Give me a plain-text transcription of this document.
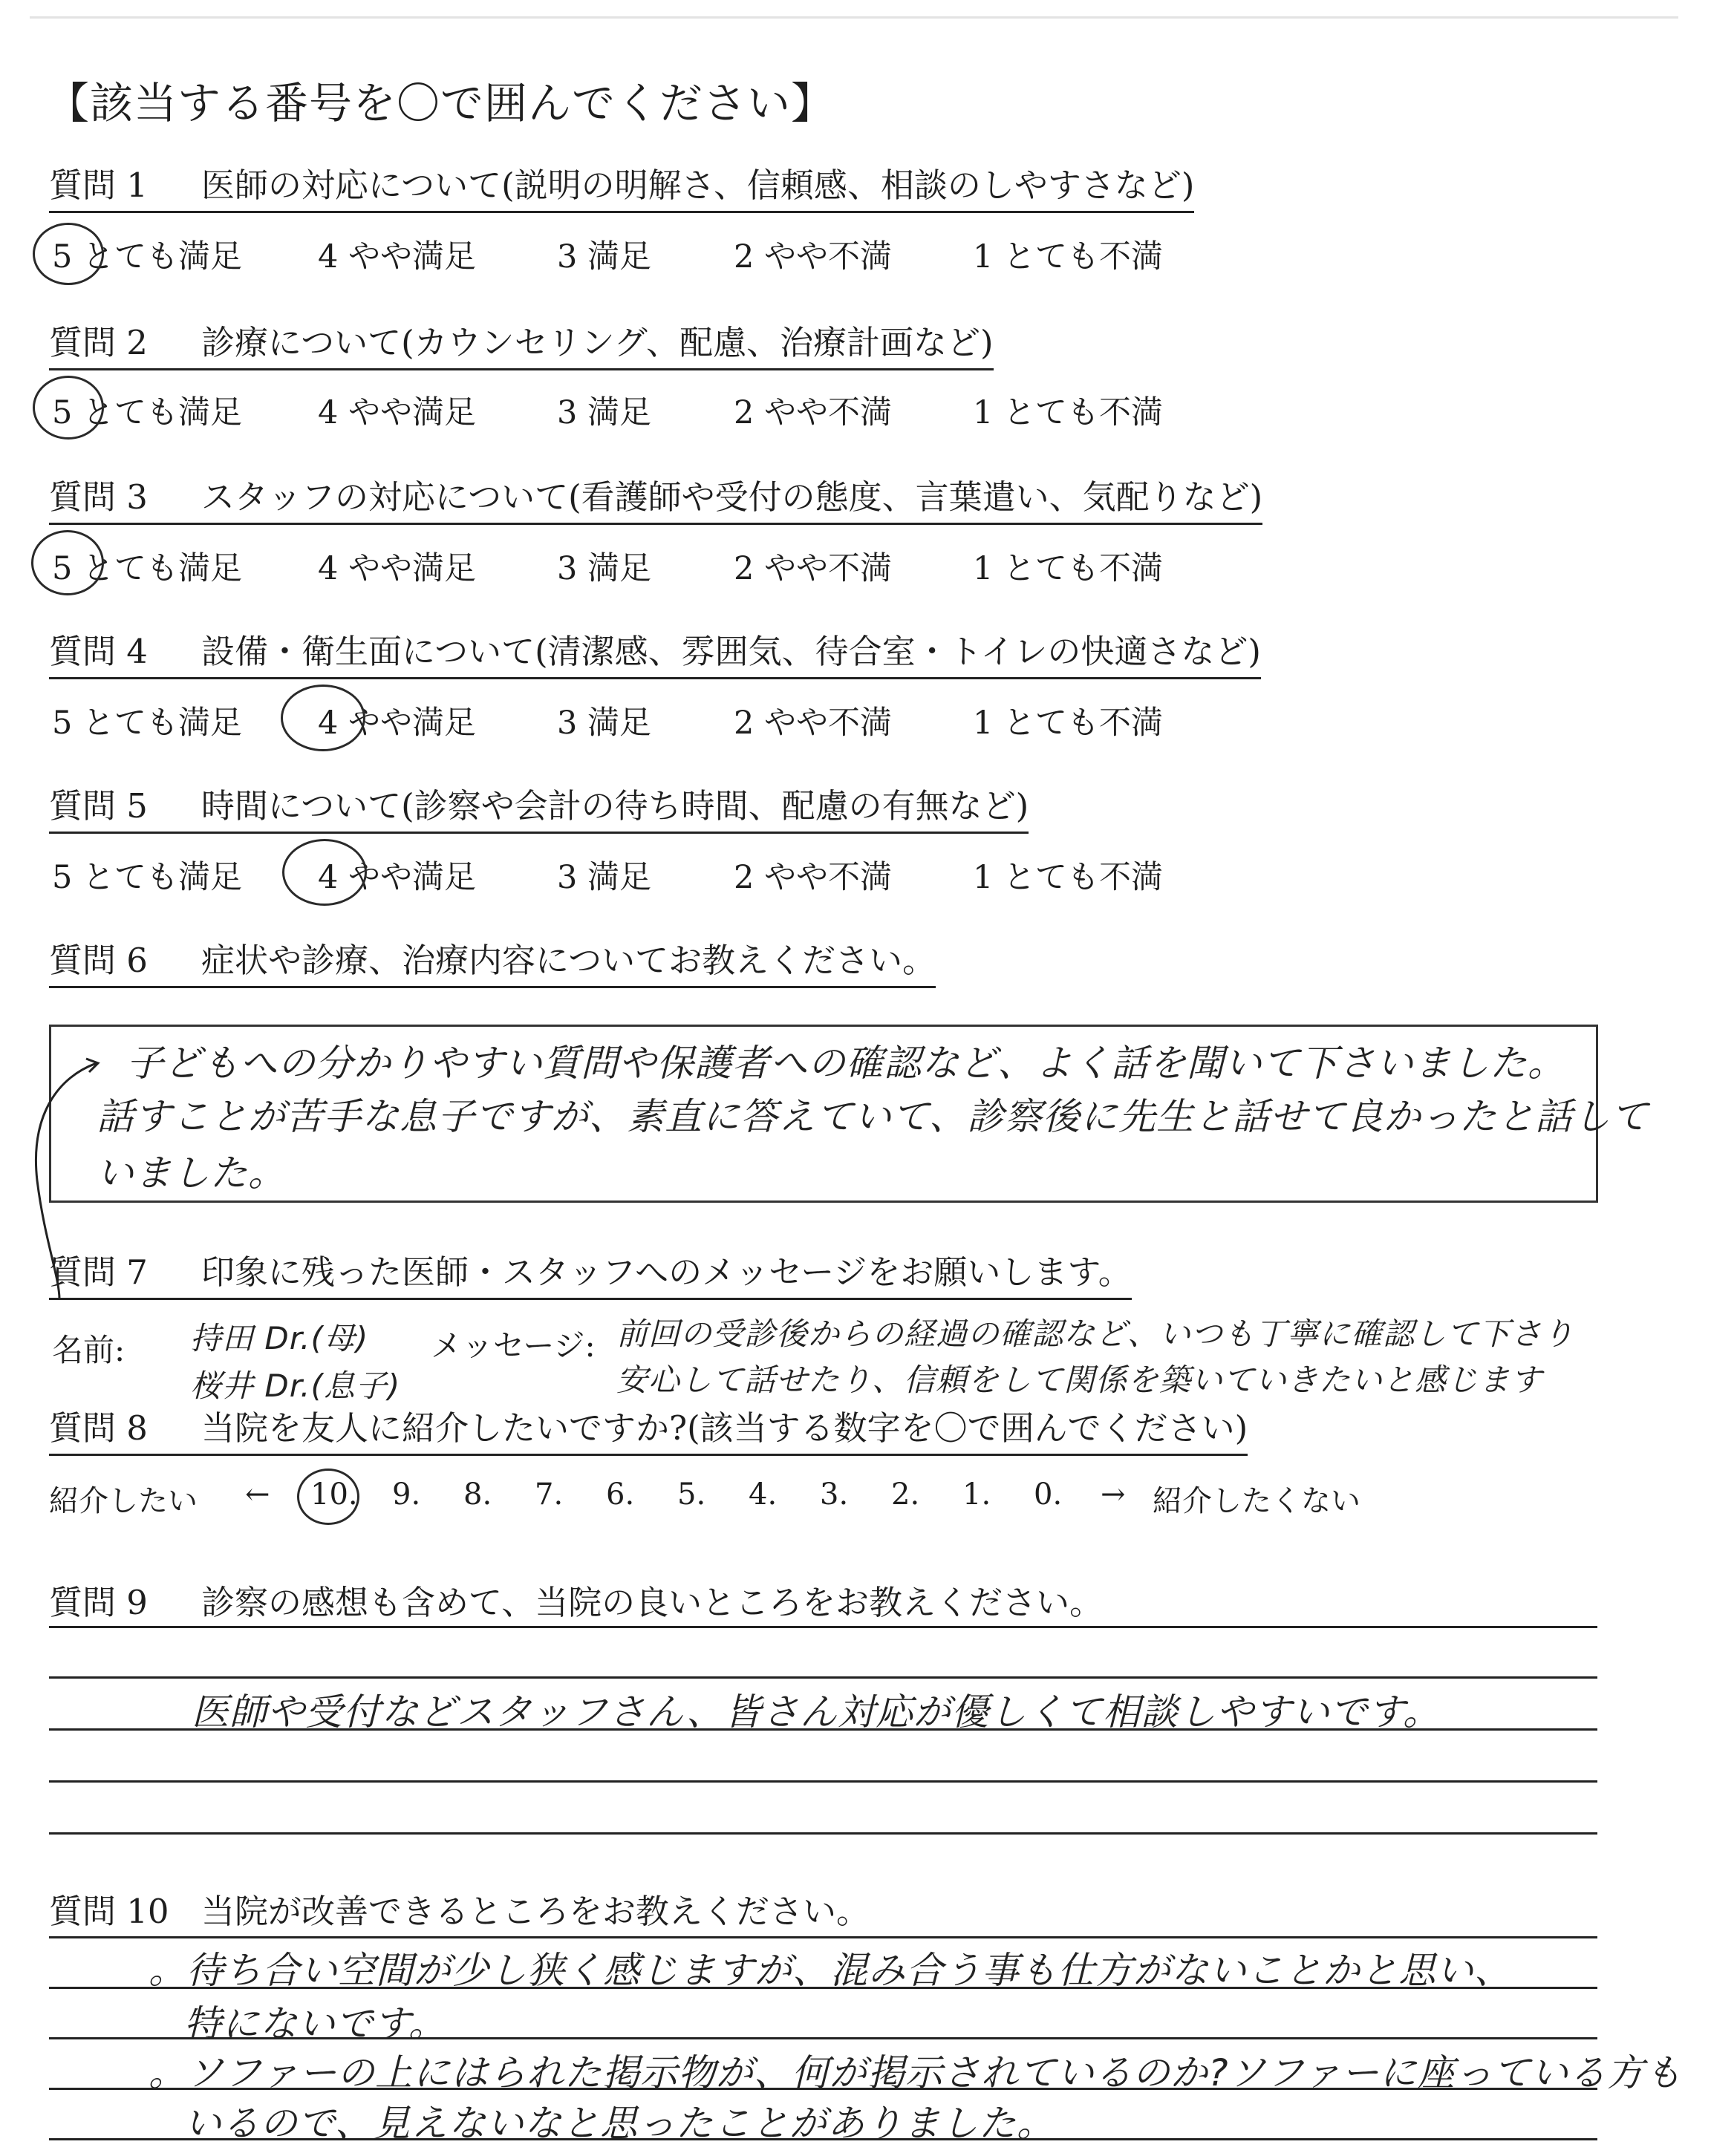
【該当する番号を〇で囲んでください】
質問 1 医師の対応について(説明の明解さ、信頼感、相談のしやすさなど)
5 とても満足 4 やや満足	3 満足	2 やや不満	1 とても不満
質問 2 診療について(カウンセリング、配慮、治療計画など)
5 とても満足 4 やや満足	3 満足	2 やや不満	1 とても不満
質問 3 スタッフの対応について(看護師や受付の態度、言葉遣い、気配りなど)
5 とても満足 4 やや満足	3 満足	2 やや不満	1 とても不満
質問 4 設備・衛生面について(清潔感、雰囲気、待合室・トイレの快適さなど)
5 とても満足 4 やや満足	3 満足	2 やや不満	1 とても不満
質問 5 時間について(診察や会計の待ち時間、配慮の有無など)
5 とても満足 4 やや満足	3 満足	2 やや不満	1 とても不満
質問 6 症状や診療、治療内容についてお教えください。
子どもへの分かりやすい質問や保護者への確認など、よく話を聞いて下さいました。
話すことが苦手な息子ですが、素直に答えていて、診察後に先生と話せて良かったと話して
いました。
質問 7 印象に残った医師・スタッフへのメッセージをお願いします。
名前: 持田 Dr.(母)
桜井 Dr.(息子)
メッセージ: 前回の受診後からの経過の確認など、いつも丁寧に確認して下さり
安心して話せたり、信頼をして関係を築いていきたいと感じます
質問 8 当院を友人に紹介したいですか?(該当する数字を〇で囲んでください)
紹介したい ← 10. 9. 8. 7. 6. 5. 4. 3. 2. 1. 0. → 紹介したくない
質問 9 診察の感想も含めて、当院の良いところをお教えください。
医師や受付などスタッフさん、皆さん対応が優しくて相談しやすいです。
質問 10 当院が改善できるところをお教えください。
。待ち合い空間が少し狭く感じますが、混み合う事も仕方がないことかと思い、
特にないです。
。ソファーの上にはられた掲示物が、何が掲示されているのか?ソファーに座っている方も
いるので、見えないなと思ったことがありました。
